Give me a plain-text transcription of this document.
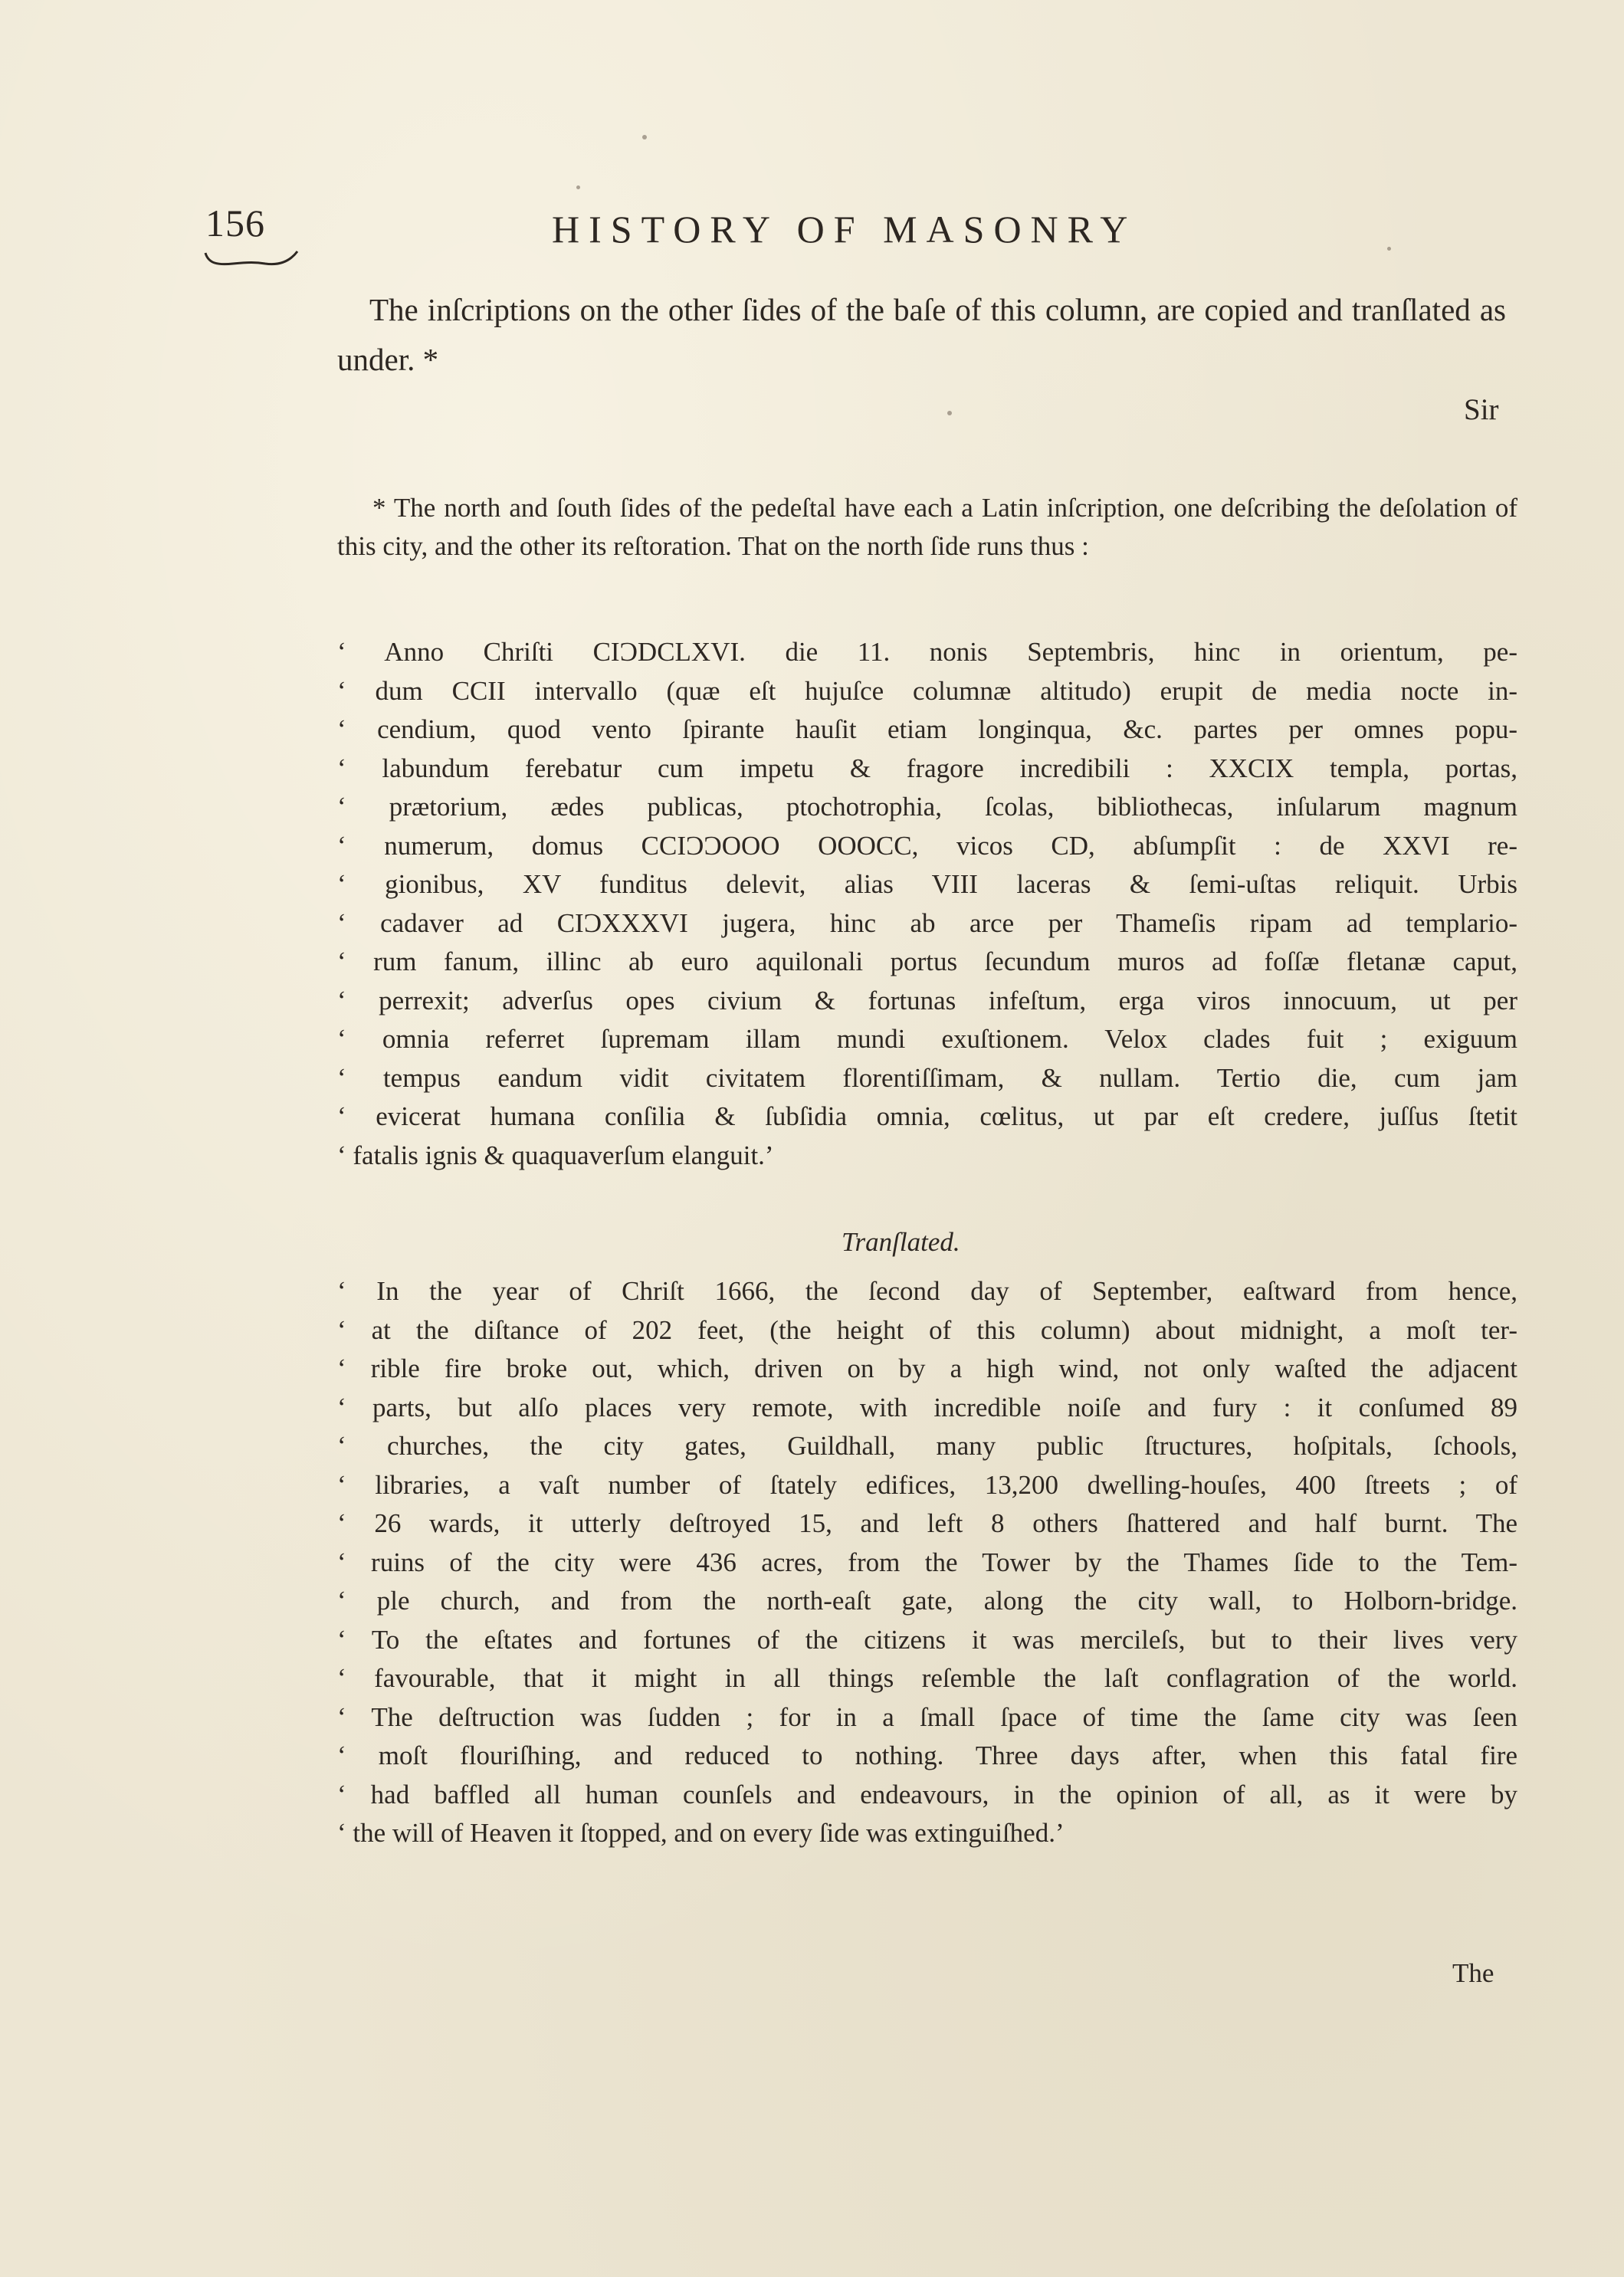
156	HISTORY OF MASONRY

The inſcriptions on the other ſides of the baſe of this column, are copied and tranſlated as under. *

Sir

* The north and ſouth ſides of the pedeſtal have each a Latin inſcription, one deſcribing the deſolation of this city, and the other its reſtoration. That on the north ſide runs thus :

‘ Anno Chriſti CIƆDCLXVI. die 11. nonis Septembris, hinc in orientum, pe-
‘ dum CCII intervallo (quæ eſt hujuſce columnæ altitudo) erupit de media nocte in-
‘ cendium, quod vento ſpirante hauſit etiam longinqua, &c. partes per omnes popu-
‘ labundum ferebatur cum impetu & fragore incredibili : XXCIX templa, portas,
‘ prætorium, ædes publicas, ptochotrophia, ſcolas, bibliothecas, inſularum magnum
‘ numerum, domus CCIƆƆOOO OOOCC, vicos CD, abſumpſit : de XXVI re-
‘ gionibus, XV funditus delevit, alias VIII laceras & ſemi-uſtas reliquit. Urbis
‘ cadaver ad CIƆXXXVI jugera, hinc ab arce per Thameſis ripam ad templario-
‘ rum fanum, illinc ab euro aquilonali portus ſecundum muros ad foſſæ fletanæ caput,
‘ perrexit; adverſus opes civium & fortunas infeſtum, erga viros innocuum, ut per
‘ omnia referret ſupremam illam mundi exuſtionem. Velox clades fuit ; exiguum
‘ tempus eandum vidit civitatem florentiſſimam, & nullam. Tertio die, cum jam
‘ evicerat humana conſilia & ſubſidia omnia, cœlitus, ut par eſt credere, juſſus ſtetit
‘ fatalis ignis & quaquaverſum elanguit.’
Tranſlated.
‘ In the year of Chriſt 1666, the ſecond day of September, eaſtward from hence,
‘ at the diſtance of 202 feet, (the height of this column) about midnight, a moſt ter-
‘ rible fire broke out, which, driven on by a high wind, not only waſted the adjacent
‘ parts, but alſo places very remote, with incredible noiſe and fury : it conſumed 89
‘ churches, the city gates, Guildhall, many public ſtructures, hoſpitals, ſchools,
‘ libraries, a vaſt number of ſtately edifices, 13,200 dwelling-houſes, 400 ſtreets ; of
‘ 26 wards, it utterly deſtroyed 15, and left 8 others ſhattered and half burnt. The
‘ ruins of the city were 436 acres, from the Tower by the Thames ſide to the Tem-
‘ ple church, and from the north-eaſt gate, along the city wall, to Holborn-bridge.
‘ To the eſtates and fortunes of the citizens it was mercileſs, but to their lives very
‘ favourable, that it might in all things reſemble the laſt conflagration of the world.
‘ The deſtruction was ſudden ; for in a ſmall ſpace of time the ſame city was ſeen
‘ moſt flouriſhing, and reduced to nothing. Three days after, when this fatal fire
‘ had baffled all human counſels and endeavours, in the opinion of all, as it were by
‘ the will of Heaven it ſtopped, and on every ſide was extinguiſhed.’
The
